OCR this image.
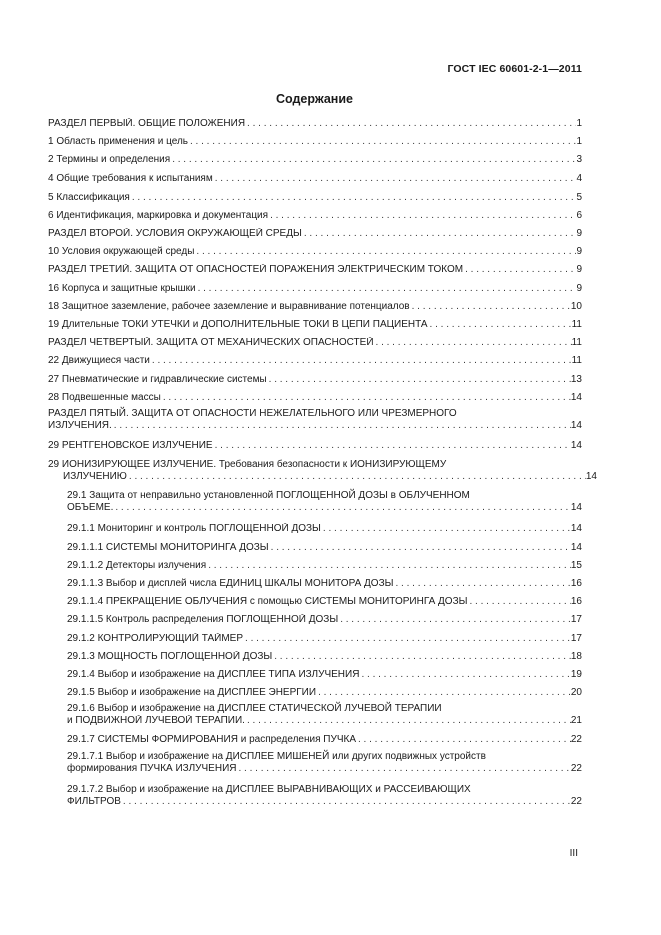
ГОСТ IEC 60601-2-1—2011
Содержание
РАЗДЕЛ ПЕРВЫЙ. ОБЩИЕ ПОЛОЖЕНИЯ . . .	1
1 Область применения и цель . . .	1
2 Термины и определения . . .	3
4 Общие требования к испытаниям . . .	4
5 Классификация . . .	5
6 Идентификация, маркировка и документация . . .	6
РАЗДЕЛ ВТОРОЙ. УСЛОВИЯ ОКРУЖАЮЩЕЙ СРЕДЫ . . .	9
10 Условия окружающей среды . . .	9
РАЗДЕЛ ТРЕТИЙ. ЗАЩИТА ОТ ОПАСНОСТЕЙ ПОРАЖЕНИЯ ЭЛЕКТРИЧЕСКИМ ТОКОМ . . .	9
16 Корпуса и защитные крышки . . .	9
18 Защитное заземление, рабочее заземление и выравнивание потенциалов . . .	10
19 Длительные ТОКИ УТЕЧКИ и ДОПОЛНИТЕЛЬНЫЕ ТОКИ В ЦЕПИ ПАЦИЕНТА . . .	11
РАЗДЕЛ ЧЕТВЕРТЫЙ. ЗАЩИТА ОТ МЕХАНИЧЕСКИХ ОПАСНОСТЕЙ . . .	11
22 Движущиеся части . . .	11
27 Пневматические и гидравлические системы . . .	13
28 Подвешенные массы . . .	14
РАЗДЕЛ ПЯТЫЙ. ЗАЩИТА ОТ ОПАСНОСТИ НЕЖЕЛАТЕЛЬНОГО ИЛИ ЧРЕЗМЕРНОГО
ИЗЛУЧЕНИЯ. . . .	14
29 РЕНТГЕНОВСКОЕ ИЗЛУЧЕНИЕ . . .	14
29 ИОНИЗИРУЮЩЕЕ ИЗЛУЧЕНИЕ. Требования безопасности к ИОНИЗИРУЮЩЕМУ
ИЗЛУЧЕНИЮ . . .	14
29.1 Защита от неправильно установленной ПОГЛОЩЕННОЙ ДОЗЫ в ОБЛУЧЕННОМ
ОБЪЕМЕ. . . .	14
29.1.1 Мониторинг и контроль ПОГЛОЩЕННОЙ ДОЗЫ . . .	14
29.1.1.1 СИСТЕМЫ МОНИТОРИНГА ДОЗЫ . . .	14
29.1.1.2 Детекторы излучения . . .	15
29.1.1.3 Выбор и дисплей числа ЕДИНИЦ ШКАЛЫ МОНИТОРА ДОЗЫ . . .	16
29.1.1.4 ПРЕКРАЩЕНИЕ ОБЛУЧЕНИЯ с помощью СИСТЕМЫ МОНИТОРИНГА ДОЗЫ . . .	16
29.1.1.5 Контроль распределения ПОГЛОЩЕННОЙ ДОЗЫ . . .	17
29.1.2 КОНТРОЛИРУЮЩИЙ ТАЙМЕР . . .	17
29.1.3 МОЩНОСТЬ ПОГЛОЩЕННОЙ ДОЗЫ . . .	18
29.1.4 Выбор и изображение на ДИСПЛЕЕ ТИПА ИЗЛУЧЕНИЯ . . .	19
29.1.5 Выбор и изображение на ДИСПЛЕЕ ЭНЕРГИИ . . .	20
29.1.6 Выбор и изображение на ДИСПЛЕЕ СТАТИЧЕСКОЙ ЛУЧЕВОЙ ТЕРАПИИ
и ПОДВИЖНОЙ ЛУЧЕВОЙ ТЕРАПИИ. . . .	21
29.1.7 СИСТЕМЫ ФОРМИРОВАНИЯ и распределения ПУЧКА . . .	22
29.1.7.1 Выбор и изображение на ДИСПЛЕЕ МИШЕНЕЙ или других подвижных устройств
формирования ПУЧКА ИЗЛУЧЕНИЯ . . .	22
29.1.7.2 Выбор и изображение на ДИСПЛЕЕ ВЫРАВНИВАЮЩИХ и РАССЕИВАЮЩИХ
ФИЛЬТРОВ . . .	22
III
